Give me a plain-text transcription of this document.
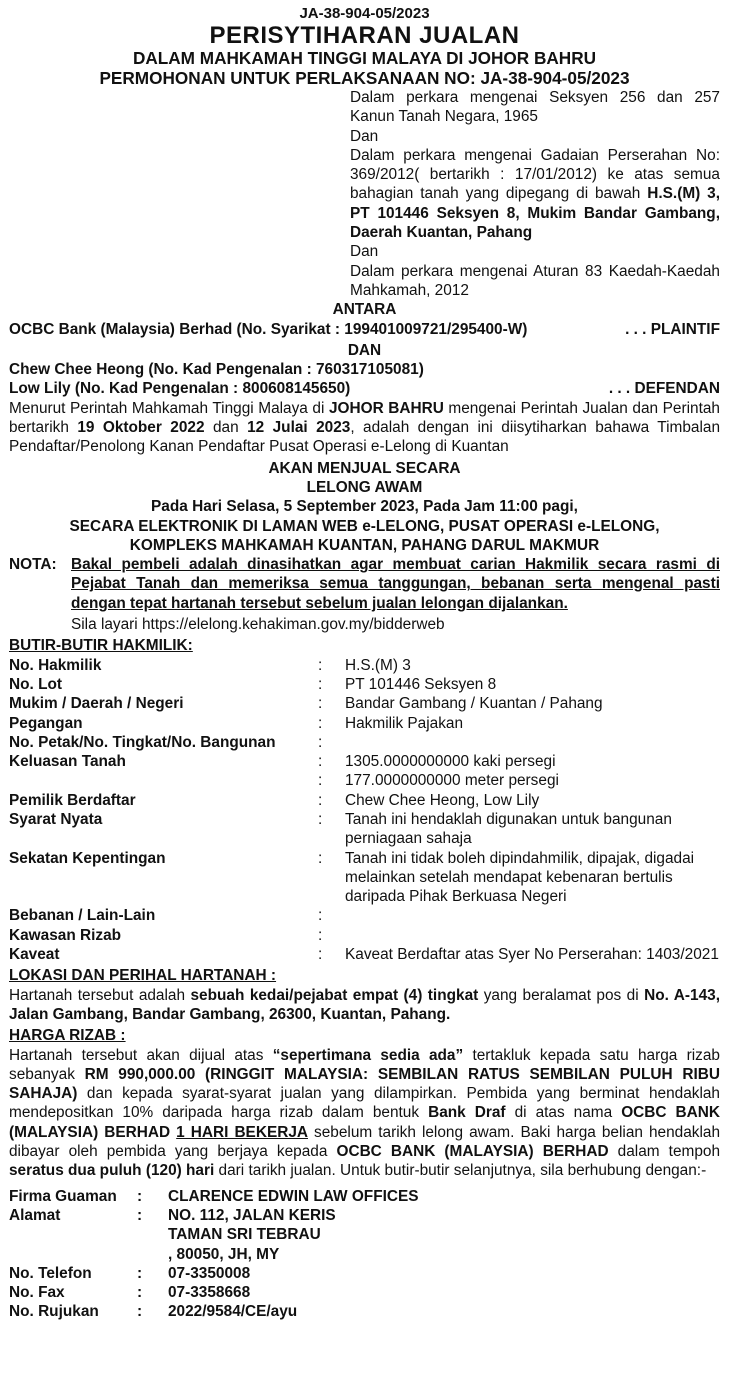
JA-38-904-05/2023
PERISYTIHARAN JUALAN
DALAM MAHKAMAH TINGGI MALAYA DI JOHOR BAHRU
PERMOHONAN UNTUK PERLAKSANAAN NO: JA-38-904-05/2023
Dalam perkara mengenai Seksyen 256 dan 257 Kanun Tanah Negara, 1965
Dan
Dalam perkara mengenai Gadaian Perserahan No: 369/2012( bertarikh : 17/01/2012) ke atas semua bahagian tanah yang dipegang di bawah H.S.(M) 3, PT 101446 Seksyen 8, Mukim Bandar Gambang, Daerah Kuantan, Pahang
Dan
Dalam perkara mengenai Aturan 83 Kaedah-Kaedah Mahkamah, 2012
ANTARA
OCBC Bank (Malaysia) Berhad (No. Syarikat : 199401009721/295400-W)	. . . PLAINTIF
DAN
Chew Chee Heong (No. Kad Pengenalan : 760317105081)
Low Lily (No. Kad Pengenalan : 800608145650)	. . . DEFENDAN
Menurut Perintah Mahkamah Tinggi Malaya di JOHOR BAHRU mengenai Perintah Jualan dan Perintah bertarikh 19 Oktober 2022 dan 12 Julai 2023, adalah dengan ini diisytiharkan bahawa Timbalan Pendaftar/Penolong Kanan Pendaftar Pusat Operasi e-Lelong di Kuantan
AKAN MENJUAL SECARA
LELONG AWAM
Pada Hari Selasa, 5 September 2023, Pada Jam 11:00 pagi,
SECARA ELEKTRONIK DI LAMAN WEB e-LELONG, PUSAT OPERASI e-LELONG,
KOMPLEKS MAHKAMAH KUANTAN, PAHANG DARUL MAKMUR
NOTA: Bakal pembeli adalah dinasihatkan agar membuat carian Hakmilik secara rasmi di Pejabat Tanah dan memeriksa semua tanggungan, bebanan serta mengenal pasti dengan tepat hartanah tersebut sebelum jualan lelongan dijalankan.
Sila layari https://elelong.kehakiman.gov.my/bidderweb
BUTIR-BUTIR HAKMILIK:
No. Hakmilik	:	H.S.(M) 3
No. Lot	:	PT 101446 Seksyen 8
Mukim / Daerah / Negeri	:	Bandar Gambang / Kuantan / Pahang
Pegangan	:	Hakmilik Pajakan
No. Petak/No. Tingkat/No. Bangunan	:
Keluasan Tanah	:	1305.0000000000 kaki persegi
:	177.0000000000 meter persegi
Pemilik Berdaftar	:	Chew Chee Heong, Low Lily
Syarat Nyata	:	Tanah ini hendaklah digunakan untuk bangunan perniagaan sahaja
Sekatan Kepentingan	:	Tanah ini tidak boleh dipindahmilik, dipajak, digadai melainkan setelah mendapat kebenaran bertulis daripada Pihak Berkuasa Negeri
Bebanan / Lain-Lain	:
Kawasan Rizab	:
Kaveat	:	Kaveat Berdaftar atas Syer No Perserahan: 1403/2021
LOKASI DAN PERIHAL HARTANAH :
Hartanah tersebut adalah sebuah kedai/pejabat empat (4) tingkat yang beralamat pos di No. A-143, Jalan Gambang, Bandar Gambang, 26300, Kuantan, Pahang.
HARGA RIZAB :
Hartanah tersebut akan dijual atas “sepertimana sedia ada” tertakluk kepada satu harga rizab sebanyak RM 990,000.00 (RINGGIT MALAYSIA: SEMBILAN RATUS SEMBILAN PULUH RIBU SAHAJA) dan kepada syarat-syarat jualan yang dilampirkan. Pembida yang berminat hendaklah mendepositkan 10% daripada harga rizab dalam bentuk Bank Draf di atas nama OCBC BANK (MALAYSIA) BERHAD 1 HARI BEKERJA sebelum tarikh lelong awam. Baki harga belian hendaklah dibayar oleh pembida yang berjaya kepada OCBC BANK (MALAYSIA) BERHAD dalam tempoh seratus dua puluh (120) hari dari tarikh jualan. Untuk butir-butir selanjutnya, sila berhubung dengan:-
Firma Guaman	:	CLARENCE EDWIN LAW OFFICES
Alamat	:	NO. 112, JALAN KERIS
TAMAN SRI TEBRAU
, 80050, JH, MY
No. Telefon	:	07-3350008
No. Fax	:	07-3358668
No. Rujukan	:	2022/9584/CE/ayu
